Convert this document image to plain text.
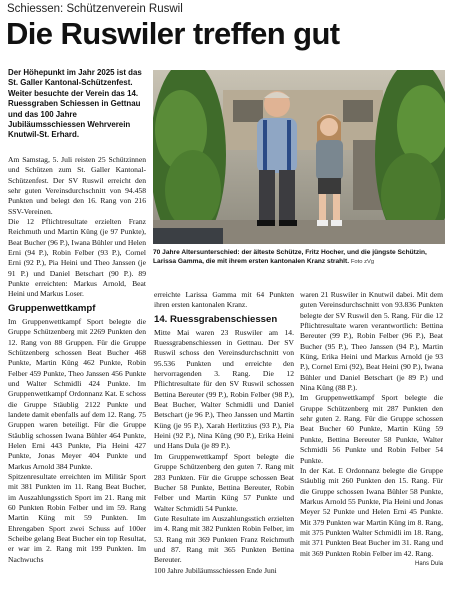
Schiessen: Schützenverein Ruswil
Die Ruswiler treffen gut
Der Höhepunkt im Jahr 2025 ist das St. Galler Kantonal-Schützenfest. Weiter besuchte der Verein das 14. Ruessgraben Schiessen in Gettnau und das 100 Jahre Jubiläumsschiessen Wehrverein Knutwil-St. Erhard.
70 Jahre Altersunterschied: der älteste Schütze, Fritz Hocher, und die jüngste Schützin, Larissa Gamma, die mit ihrem ersten kantonalen Kranz strahlt. Foto zVg

Am Samstag, 5. Juli reisten 25 Schützinnen und Schützen zum St. Galler Kantonal-Schützenfest. Der SV Ruswil erreicht den sehr guten Vereinsdurchschnitt von 94.458 Punkten und belegt den 16. Rang von 216 SSV-Vereinen.

Die 12 Pflichtresultate erzielten Franz Reichmuth und Martin Küng (je 97 Punkte), Beat Bucher (96 P.), Iwana Bühler und Helen Erni (94 P.), Robin Felber (93 P.), Cornel Erni (92 P.), Pia Heini und Theo Janssen (je 91 P.) und Daniel Betschart (90 P.). 89 Punkte erreichten: Markus Arnold, Beat Heini und Markus Loser.

Gruppenwettkampf

Im Gruppenwettkampf Sport belegte die Gruppe Schützenberg mit 2269 Punkten den 12. Rang von 88 Gruppen. Für die Gruppe Schützenberg schossen Beat Bucher 468 Punkte, Martin Küng 462 Punkte, Robin Felber 459 Punkte, Theo Janssen 456 Punkte und Walter Schmidli 424 Punkte. Im Gruppenwettkampf Ordonnanz Kat. E schoss die Gruppe Stäublig 2122 Punkte und landete damit ebenfalls auf dem 12. Rang. 75 Gruppen waren beteiligt. Für die Gruppe Stäublig schossen Iwana Bühler 464 Punkte, Helen Erni 443 Punkte, Pia Heini 427 Punkte, Jonas Meyer 404 Punkte und Markus Arnold 384 Punkte.

Spitzenresultate erreichten im Militär Sport mit 381 Punkten im 11. Rang Beat Bucher, im Auszahlungsstich Sport im 21. Rang mit 60 Punkten Robin Felber und im 59. Rang Martin Küng mit 59 Punkten. Im Ehrengaben Sport zwei Schuss auf 100er Scheibe gelang Beat Bucher ein top Resultat, er war im 2. Rang mit 199 Punkten. Im Nachwuchs

erreichte Larissa Gamma mit 64 Punkten ihren ersten kantonalen Kranz.

14. Ruessgrabenschiessen

Mitte Mai waren 23 Ruswiler am 14. Ruessgrabenschiessen in Gettnau. Der SV Ruswil schoss den Vereinsdurchschnitt von 95.536 Punkten und erreichte den hervorragenden 3. Rang. Die 12 Pflichtresultate für den SV Ruswil schossen Bettina Bereuter (99 P.), Robin Felber (98 P.), Beat Bucher, Walter Schmidli und Daniel Betschart (je 96 P.), Theo Janssen und Martin Küng (je 95 P.), Xarah Herlitzius (93 P.), Pia Heini (92 P.), Nina Küng (90 P.), Erika Heini und Hans Dula (je 89 P.).

Im Gruppenwettkampf Sport belegte die Gruppe Schützenberg den guten 7. Rang mit 283 Punkten. Für die Gruppe schossen Beat Bucher 58 Punkte, Bettina Bereuter, Robin Felber und Martin Küng 57 Punkte und Walter Schmidli 54 Punkte.

Gute Resultate im Auszahlungsstich erzielten im 4. Rang mit 382 Punkten Robin Felber, im 53. Rang mit 369 Punkten Franz Reichmuth und 87. Rang mit 365 Punkten Bettina Bereuter.

100 Jahre Jubiläumsschiessen Ende Juni

waren 21 Ruswiler in Knutwil dabei. Mit dem guten Vereinsdurchschnitt von 93.836 Punkten belegte der SV Ruswil den 5. Rang. Für die 12 Pflichtresultate waren verantwortlich: Bettina Bereuter (99 P.), Robin Felber (96 P.), Beat Bucher (95 P.), Theo Janssen (94 P.), Martin Küng, Erika Heini und Markus Arnold (je 93 P.), Cornel Erni (92), Beat Heini (90 P.), Iwana Bühler und Daniel Betschart (je 89 P.) und Nina Küng (88 P.).

Im Gruppenwettkampf Sport belegte die Gruppe Schützenberg mit 287 Punkten den sehr guten 2. Rang. Für die Gruppe schossen Beat Bucher 60 Punkte, Martin Küng 59 Punkte, Bettina Bereuter 58 Punkte, Walter Schmidli 56 Punkte und Robin Felber 54 Punkte.

In der Kat. E Ordonnanz belegte die Gruppe Stäublig mit 260 Punkten den 15. Rang. Für die Gruppe schossen Iwana Bühler 58 Punkte, Markus Arnold 55 Punkte, Pia Heini und Jonas Meyer 52 Punkte und Helen Erni 45 Punkte. Mit 379 Punkten war Martin Küng im 8. Rang, mit 375 Punkten Walter Schmidli im 18. Rang, mit 371 Punkten Beat Bucher im 31. Rang und mit 369 Punkten Robin Felber im 42. Rang.

Hans Dula
